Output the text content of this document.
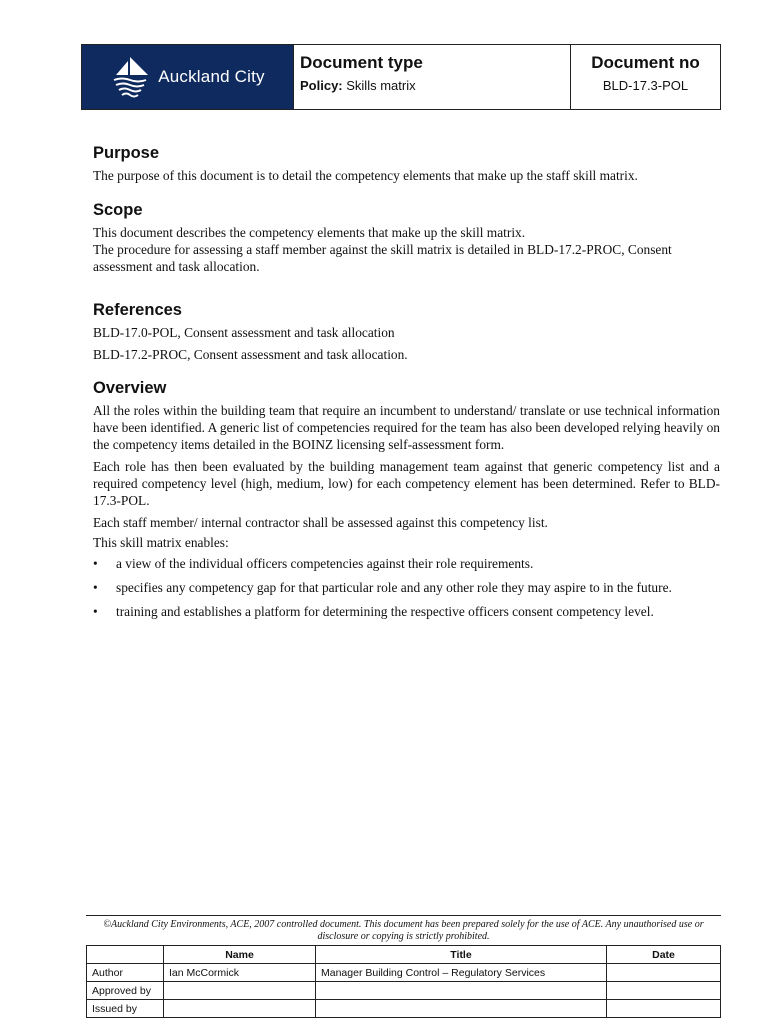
Auckland City
Document type
Policy: Skills matrix
Document no
BLD-17.3-POL
Purpose

The purpose of this document is to detail the competency elements that make up the staff skill matrix.

Scope

This document describes the competency elements that make up the skill matrix.

The procedure for assessing a staff member against the skill matrix is detailed in BLD-17.2-PROC, Consent assessment and task allocation.

References

BLD-17.0-POL, Consent assessment and task allocation

BLD-17.2-PROC, Consent assessment and task allocation.

Overview

All the roles within the building team that require an incumbent to understand/ translate or use technical information have been identified. A generic list of competencies required for the team has also been developed relying heavily on the competency items detailed in the BOINZ licensing self-assessment form.

Each role has then been evaluated by the building management team against that generic competency list and a required competency level (high, medium, low) for each competency element has been determined. Refer to BLD-17.3-POL.

Each staff member/ internal contractor shall be assessed against this competency list.

This skill matrix enables:

• a view of the individual officers competencies against their role requirements.
• specifies any competency gap for that particular role and any other role they may aspire to in the future.
• training and establishes a platform for determining the respective officers consent competency level.
©Auckland City Environments, ACE, 2007 controlled document. This document has been prepared solely for the use of ACE. Any unauthorised use or disclosure or copying is strictly prohibited.
	Name	Title	Date
Author	Ian McCormick	Manager Building Control – Regulatory Services	
Approved by			
Issued by			
